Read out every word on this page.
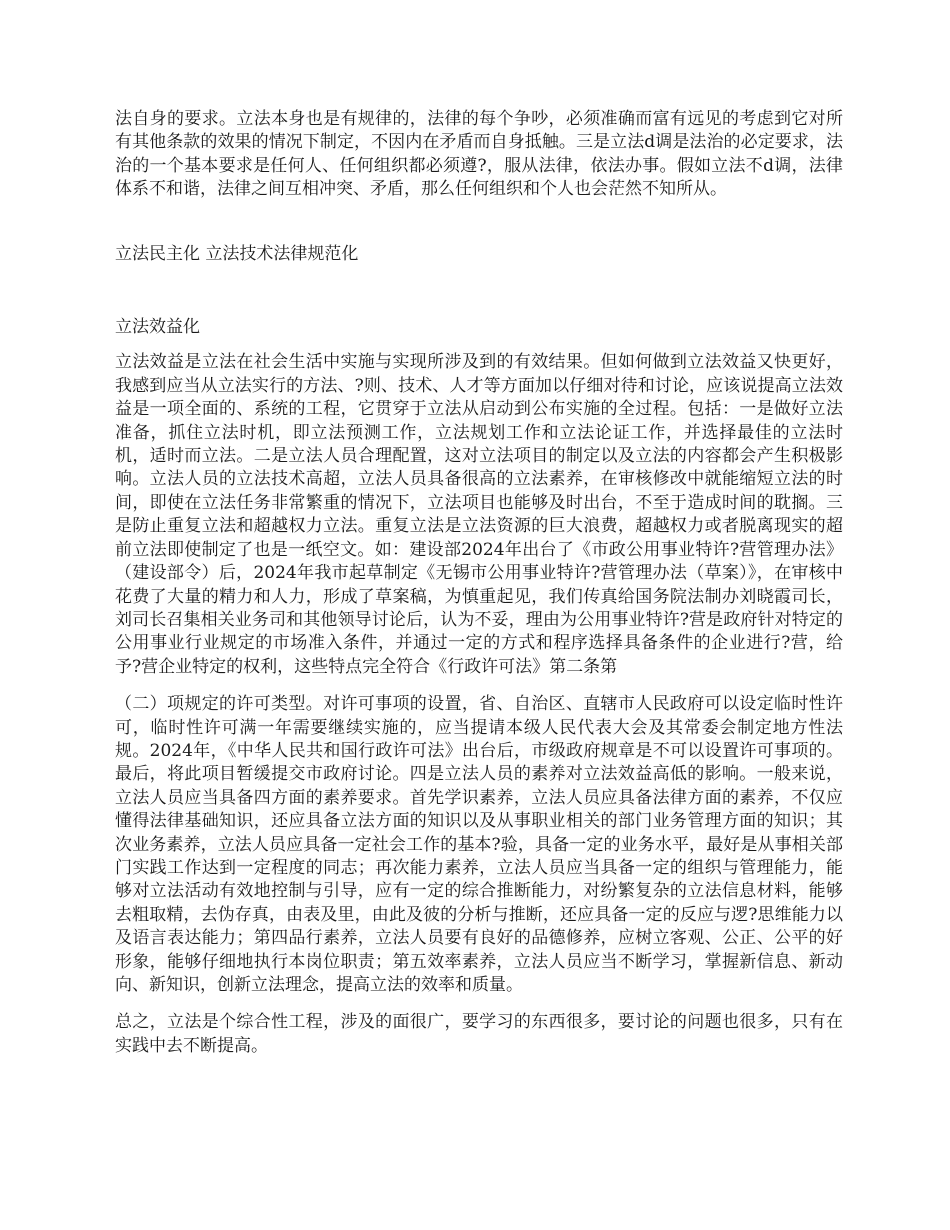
法自身的要求。立法本身也是有规律的，法律的每个争吵，必须准确而富有远见的考虑到它对所有其他条款的效果的情况下制定，不因内在矛盾而自身抵触。三是立法d调是法治的必定要求，法治的一个基本要求是任何人、任何组织都必须遵?，服从法律，依法办事。假如立法不d调，法律体系不和谐，法律之间互相冲突、矛盾，那么任何组织和个人也会茫然不知所从。

立法民主化 立法技术法律规范化

立法效益化

立法效益是立法在社会生活中实施与实现所涉及到的有效结果。但如何做到立法效益又快更好，我感到应当从立法实行的方法、?则、技术、人才等方面加以仔细对待和讨论，应该说提高立法效益是一项全面的、系统的工程，它贯穿于立法从启动到公布实施的全过程。包括：一是做好立法准备，抓住立法时机，即立法预测工作，立法规划工作和立法论证工作，并选择最佳的立法时机，适时而立法。二是立法人员合理配置，这对立法项目的制定以及立法的内容都会产生积极影响。立法人员的立法技术高超，立法人员具备很高的立法素养，在审核修改中就能缩短立法的时间，即使在立法任务非常繁重的情况下，立法项目也能够及时出台，不至于造成时间的耽搁。三是防止重复立法和超越权力立法。重复立法是立法资源的巨大浪费，超越权力或者脱离现实的超前立法即使制定了也是一纸空文。如：建设部2024年出台了《市政公用事业特许?营管理办法》（建设部令）后，2024年我市起草制定《无锡市公用事业特许?营管理办法（草案）》，在审核中花费了大量的精力和人力，形成了草案稿，为慎重起见，我们传真给国务院法制办刘晓霞司长，刘司长召集相关业务司和其他领导讨论后，认为不妥，理由为公用事业特许?营是政府针对特定的公用事业行业规定的市场准入条件，并通过一定的方式和程序选择具备条件的企业进行?营，给予?营企业特定的权利，这些特点完全符合《行政许可法》第二条第

（二）项规定的许可类型。对许可事项的设置，省、自治区、直辖市人民政府可以设定临时性许可，临时性许可满一年需要继续实施的，应当提请本级人民代表大会及其常委会制定地方性法规。2024年，《中华人民共和国行政许可法》出台后，市级政府规章是不可以设置许可事项的。最后，将此项目暂缓提交市政府讨论。四是立法人员的素养对立法效益高低的影响。一般来说，立法人员应当具备四方面的素养要求。首先学识素养，立法人员应具备法律方面的素养，不仅应懂得法律基础知识，还应具备立法方面的知识以及从事职业相关的部门业务管理方面的知识；其次业务素养，立法人员应具备一定社会工作的基本?验，具备一定的业务水平，最好是从事相关部门实践工作达到一定程度的同志；再次能力素养，立法人员应当具备一定的组织与管理能力，能够对立法活动有效地控制与引导，应有一定的综合推断能力，对纷繁复杂的立法信息材料，能够去粗取精，去伪存真，由表及里，由此及彼的分析与推断，还应具备一定的反应与逻?思维能力以及语言表达能力；第四品行素养，立法人员要有良好的品德修养，应树立客观、公正、公平的好形象，能够仔细地执行本岗位职责；第五效率素养，立法人员应当不断学习，掌握新信息、新动向、新知识，创新立法理念，提高立法的效率和质量。

总之，立法是个综合性工程，涉及的面很广，要学习的东西很多，要讨论的问题也很多，只有在实践中去不断提高。
